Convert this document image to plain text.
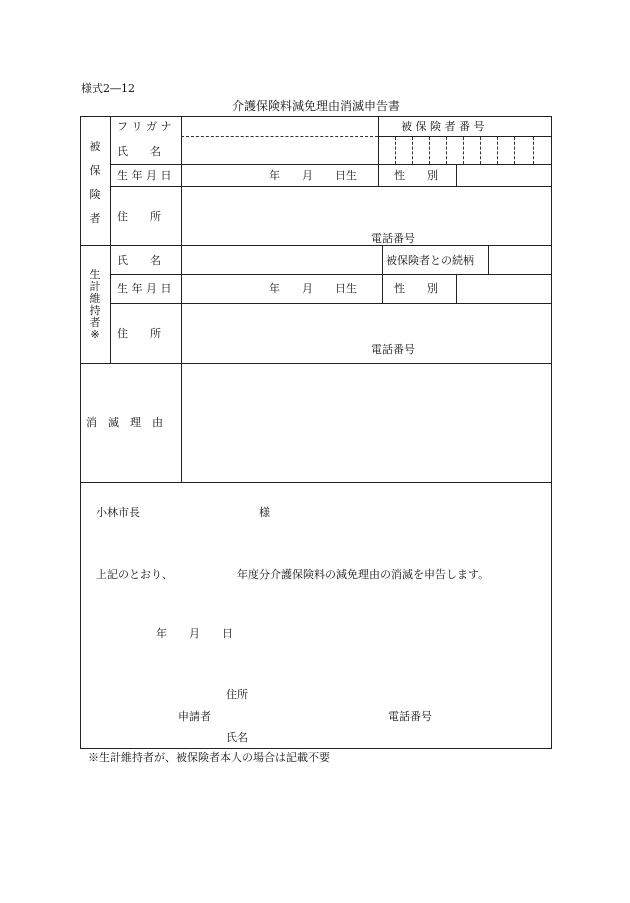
様式2―12
介護保険料減免理由消滅申告書
被
保
険
者
フ リ ガ ナ	被 保 険 者 番 号
氏　　名
生 年 月 日	年　　月　　日生	性　　別
住　　所
電話番号
生
計
維
持
者
※
氏　　名	被保険者との続柄
生 年 月 日	年　　月　　日生	性　　別
住　　所
電話番号
消　滅　理　由
小林市長	様
上記のとおり、	年度分介護保険料の減免理由の消滅を申告します。
年　　月　　日
住所
申請者	電話番号
氏名
※生計維持者が、被保険者本人の場合は記載不要
